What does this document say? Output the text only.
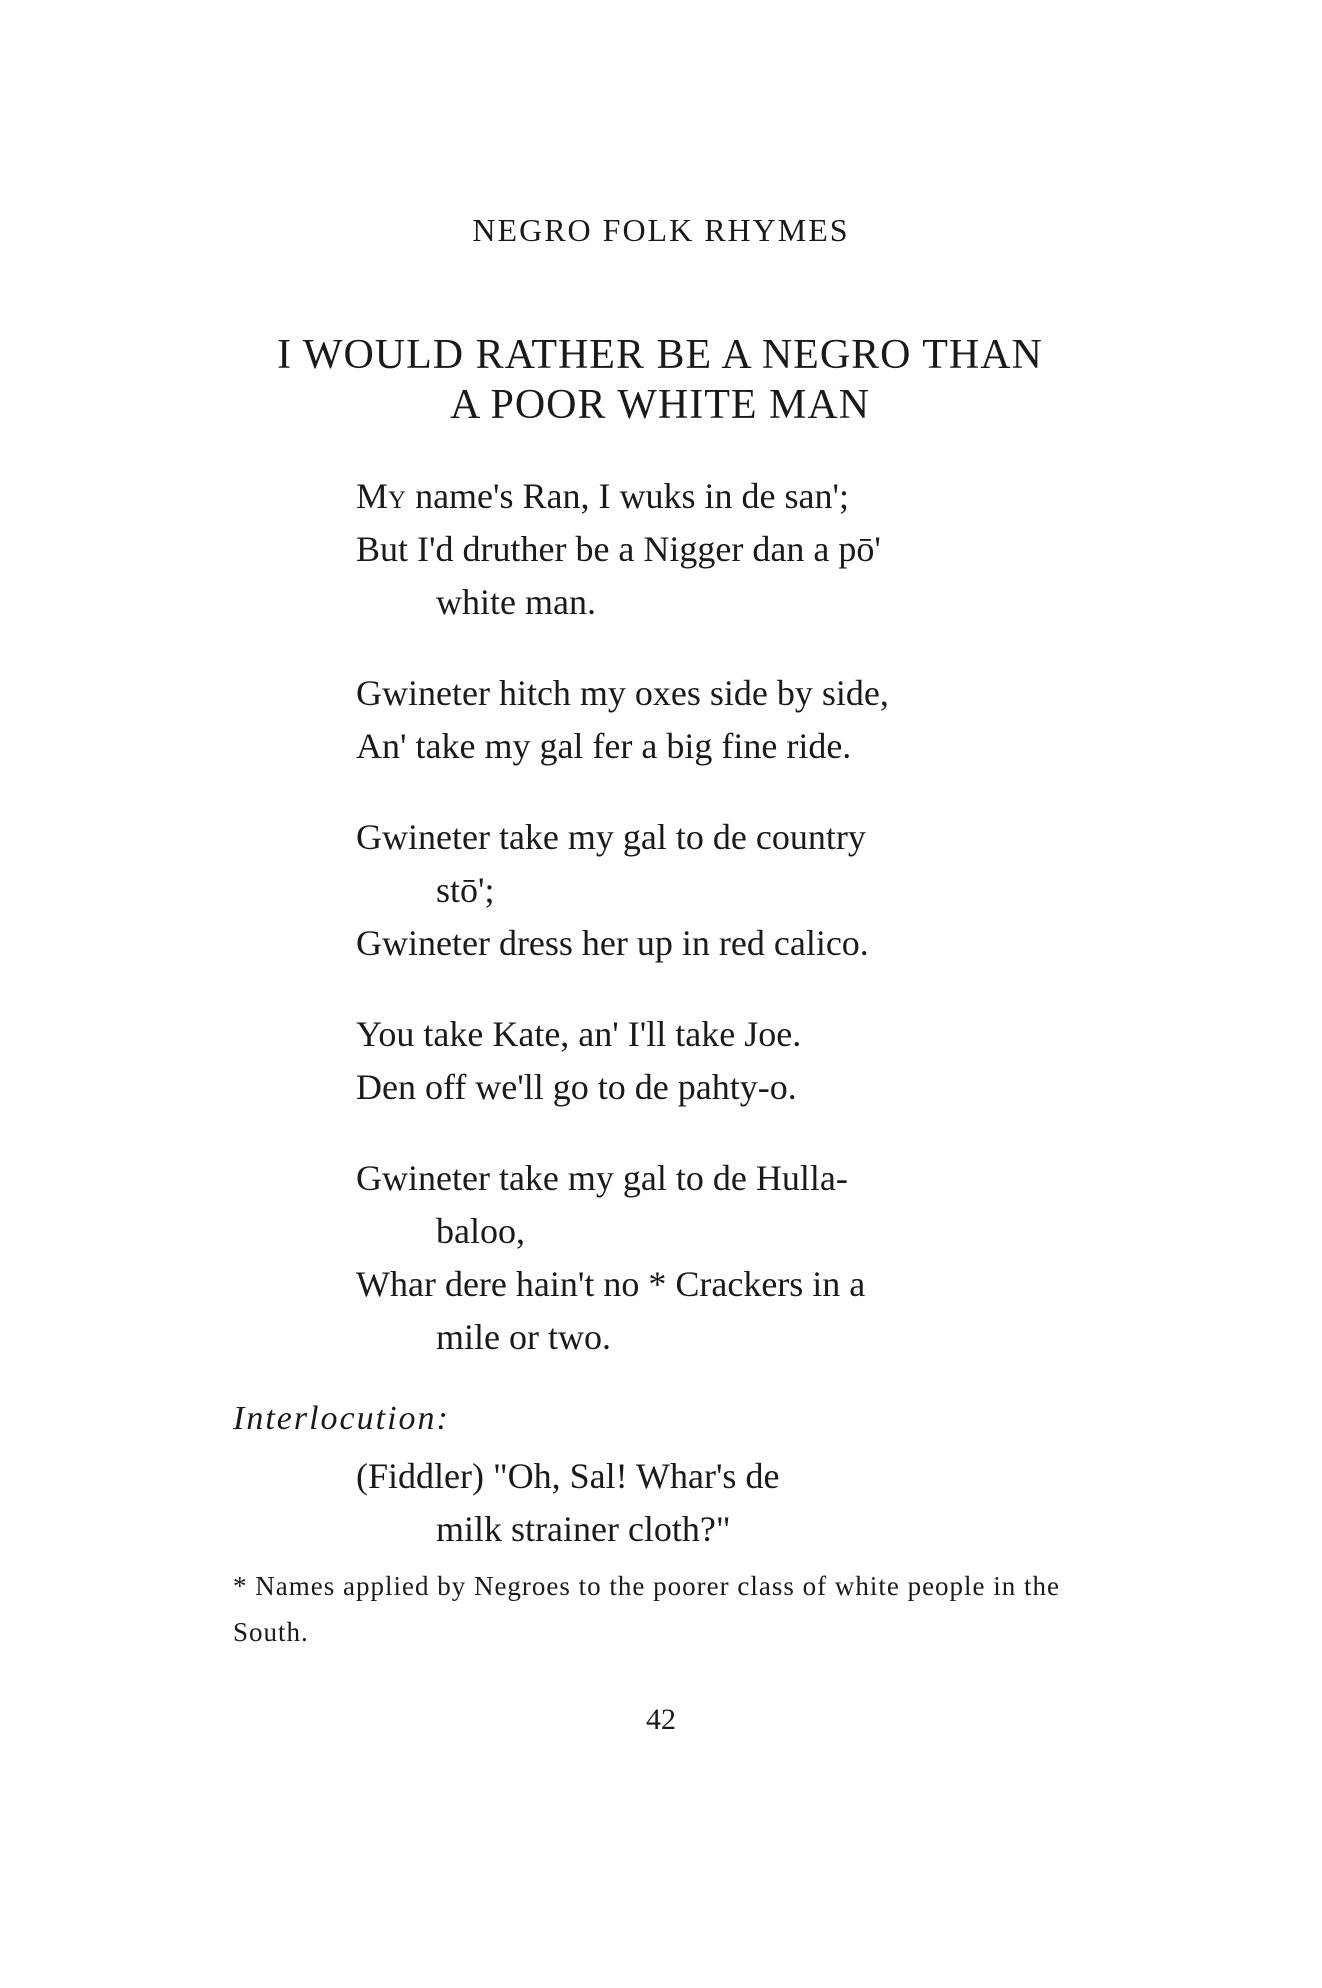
NEGRO FOLK RHYMES
I WOULD RATHER BE A NEGRO THAN
A POOR WHITE MAN
My name's Ran, I wuks in de san';
But I'd druther be a Nigger dan a pō'
white man.
Gwineter hitch my oxes side by side,
An' take my gal fer a big fine ride.
Gwineter take my gal to de country
stō';
Gwineter dress her up in red calico.
You take Kate, an' I'll take Joe.
Den off we'll go to de pahty-o.
Gwineter take my gal to de Hulla-
baloo,
Whar dere hain't no * Crackers in a
mile or two.
Interlocution:
(Fiddler) "Oh, Sal! Whar's de
milk strainer cloth?"
* Names applied by Negroes to the poorer class of white people in the South.
42
